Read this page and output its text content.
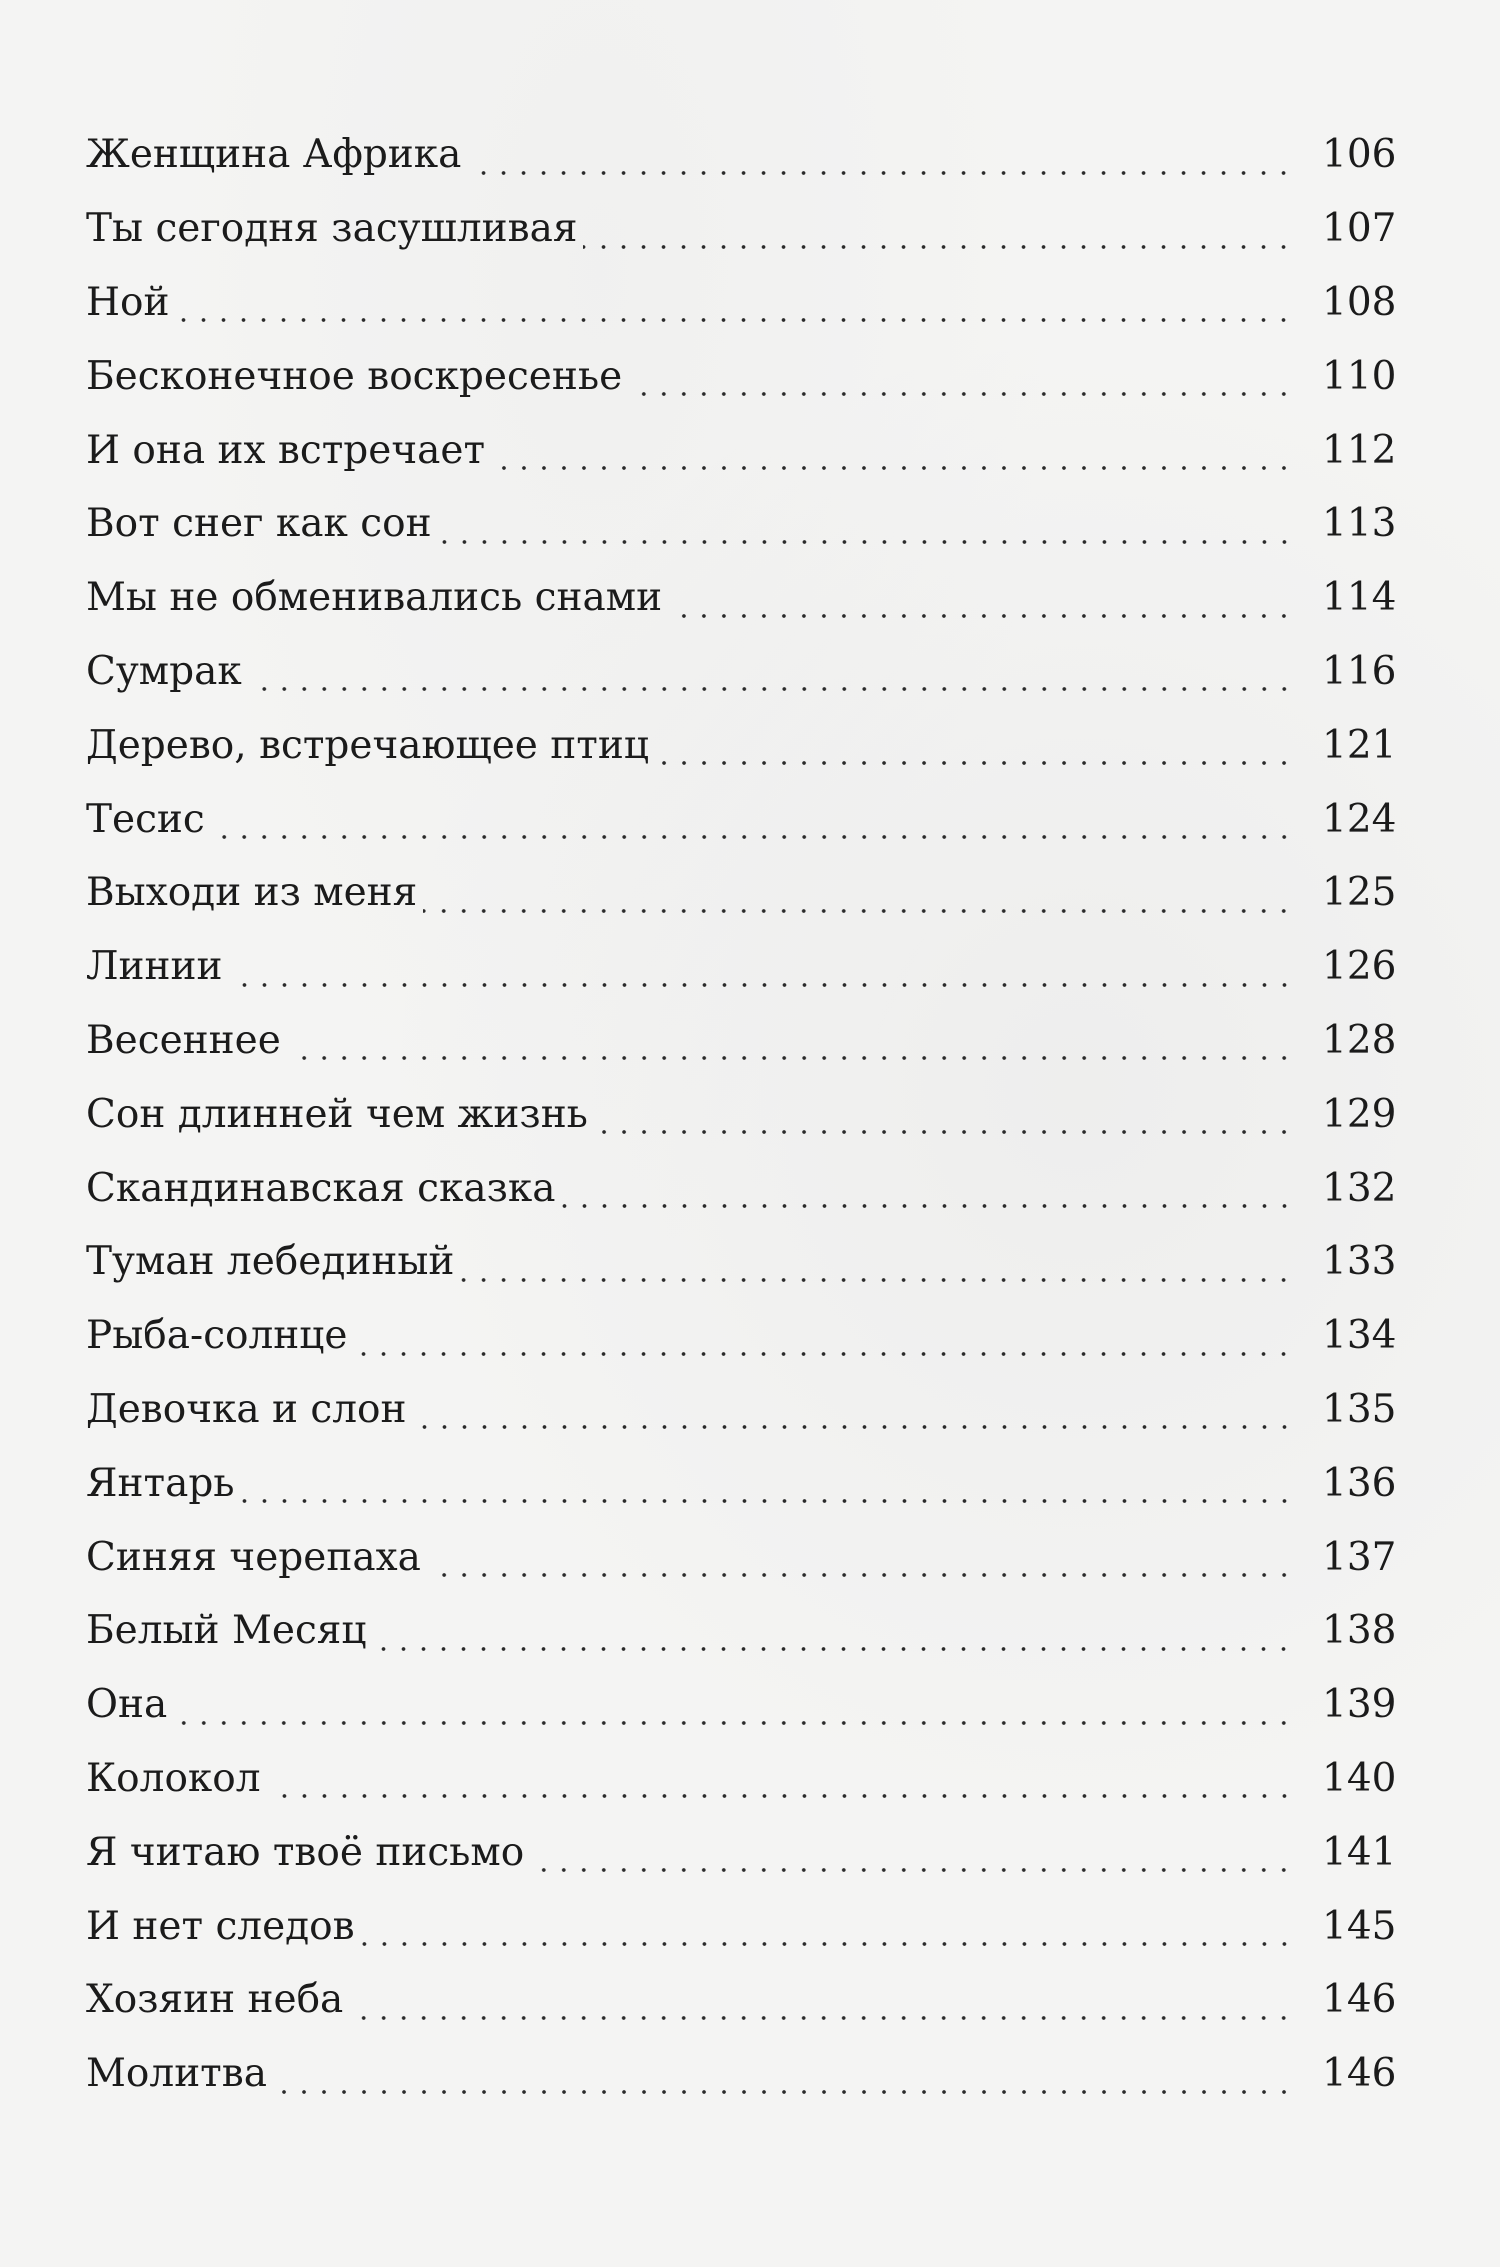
Женщина Африка	106
Ты сегодня засушливая	107
Ной	108
Бесконечное воскресенье	110
И она их встречает	112
Вот снег как сон	113
Мы не обменивались снами	114
Сумрак	116
Дерево, встречающее птиц	121
Тесис	124
Выходи из меня	125
Линии	126
Весеннее	128
Сон длинней чем жизнь	129
Скандинавская сказка	132
Туман лебединый	133
Рыба-солнце	134
Девочка и слон	135
Янтарь	136
Синяя черепаха	137
Белый Месяц	138
Она	139
Колокол	140
Я читаю твоё письмо	141
И нет следов	145
Хозяин неба	146
Молитва	146
